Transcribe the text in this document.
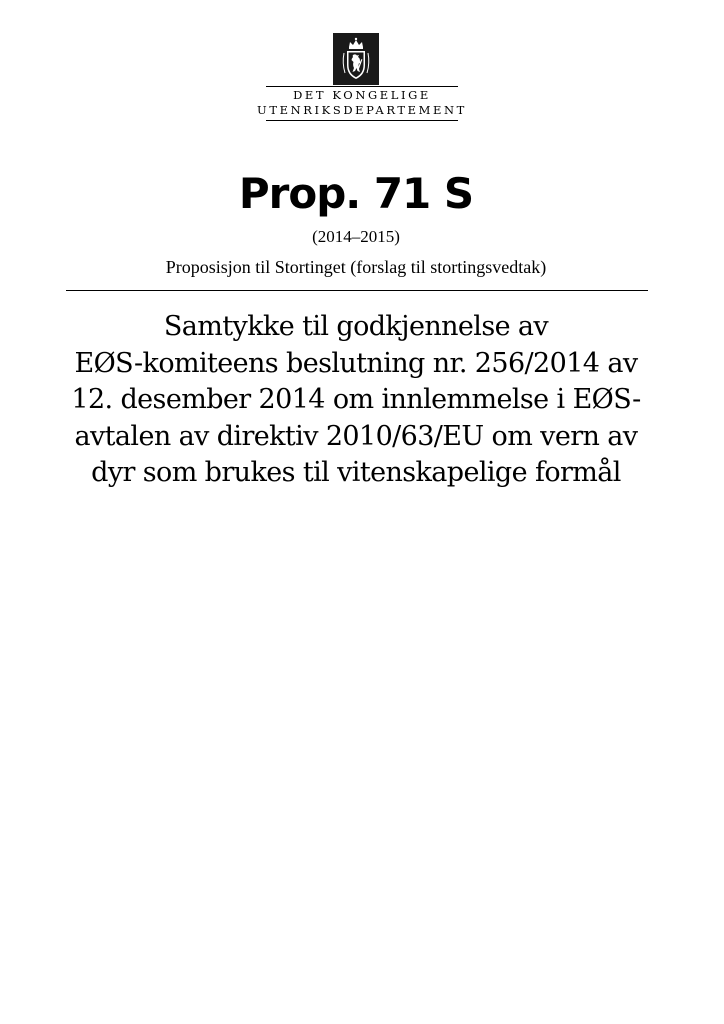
DET KONGELIGE
UTENRIKSDEPARTEMENT
Prop. 71 S
(2014–2015)
Proposisjon til Stortinget (forslag til stortingsvedtak)
Samtykke til godkjennelse av
EØS-komiteens beslutning nr. 256/2014 av
12. desember 2014 om innlemmelse i EØS-
avtalen av direktiv 2010/63/EU om vern av
dyr som brukes til vitenskapelige formål
